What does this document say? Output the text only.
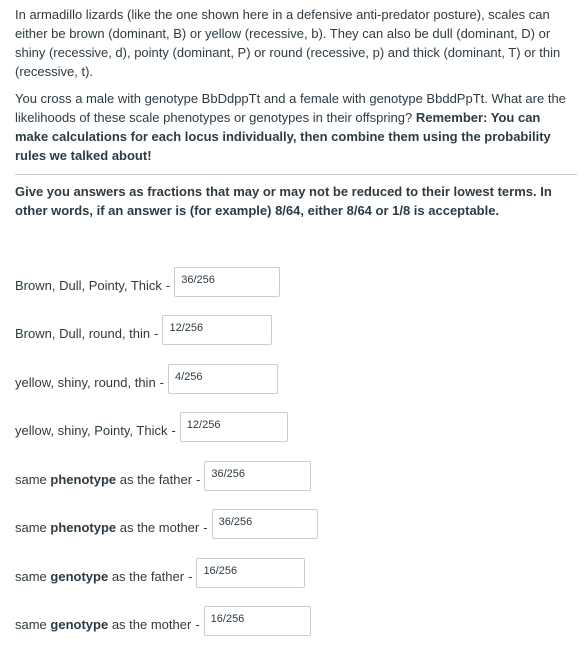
In armadillo lizards (like the one shown here in a defensive anti-predator posture), scales can either be brown (dominant, B) or yellow (recessive, b). They can also be dull (dominant, D) or shiny (recessive, d), pointy (dominant, P) or round (recessive, p) and thick (dominant, T) or thin (recessive, t).

You cross a male with genotype BbDdppTt and a female with genotype BbddPpTt. What are the likelihoods of these scale phenotypes or genotypes in their offspring? Remember: You can make calculations for each locus individually, then combine them using the probability rules we talked about!

Give you answers as fractions that may or may not be reduced to their lowest terms. In other words, if an answer is (for example) 8/64, either 8/64 or 1/8 is acceptable.

Brown, Dull, Pointy, Thick -	36/256
Brown, Dull, round, thin -	12/256
yellow, shiny, round, thin -	4/256
yellow, shiny, Pointy, Thick -	12/256
same phenotype as the father -	36/256
same phenotype as the mother -	36/256
same genotype as the father -	16/256
same genotype as the mother -	16/256
